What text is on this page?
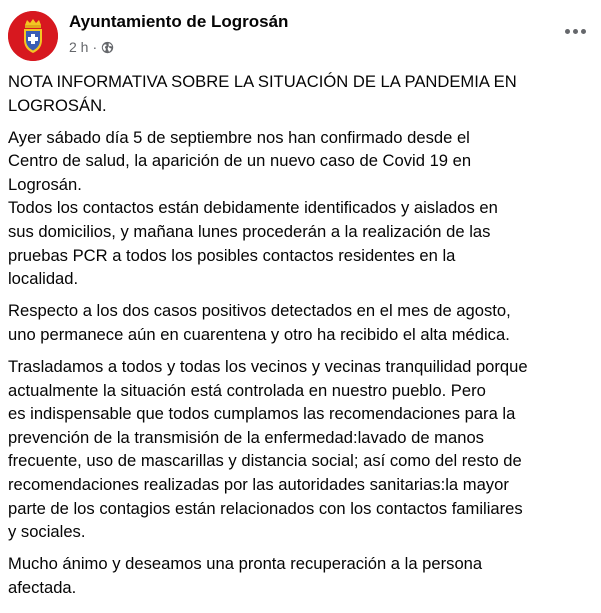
Ayuntamiento de Logrosán
2 h ·

NOTA INFORMATIVA SOBRE LA SITUACIÓN DE LA PANDEMIA EN
LOGROSÁN.

Ayer sábado día 5 de septiembre nos han confirmado desde el
Centro de salud, la aparición de un nuevo caso de Covid 19 en
Logrosán.
Todos los contactos están debidamente identificados y aislados en
sus domicilios, y mañana lunes procederán a la realización de las
pruebas PCR a todos los posibles contactos residentes en la
localidad.

Respecto a los dos casos positivos detectados en el mes de agosto,
uno permanece aún en cuarentena y otro ha recibido el alta médica.

Trasladamos a todos y todas los vecinos y vecinas tranquilidad porque
actualmente la situación está controlada en nuestro pueblo. Pero
es indispensable que todos cumplamos las recomendaciones para la
prevención de la transmisión de la enfermedad:lavado de manos
frecuente, uso de mascarillas y distancia social; así como del resto de
recomendaciones realizadas por las autoridades sanitarias:la mayor
parte de los contagios están relacionados con los contactos familiares
y sociales.

Mucho ánimo y deseamos una pronta recuperación a la persona
afectada.
